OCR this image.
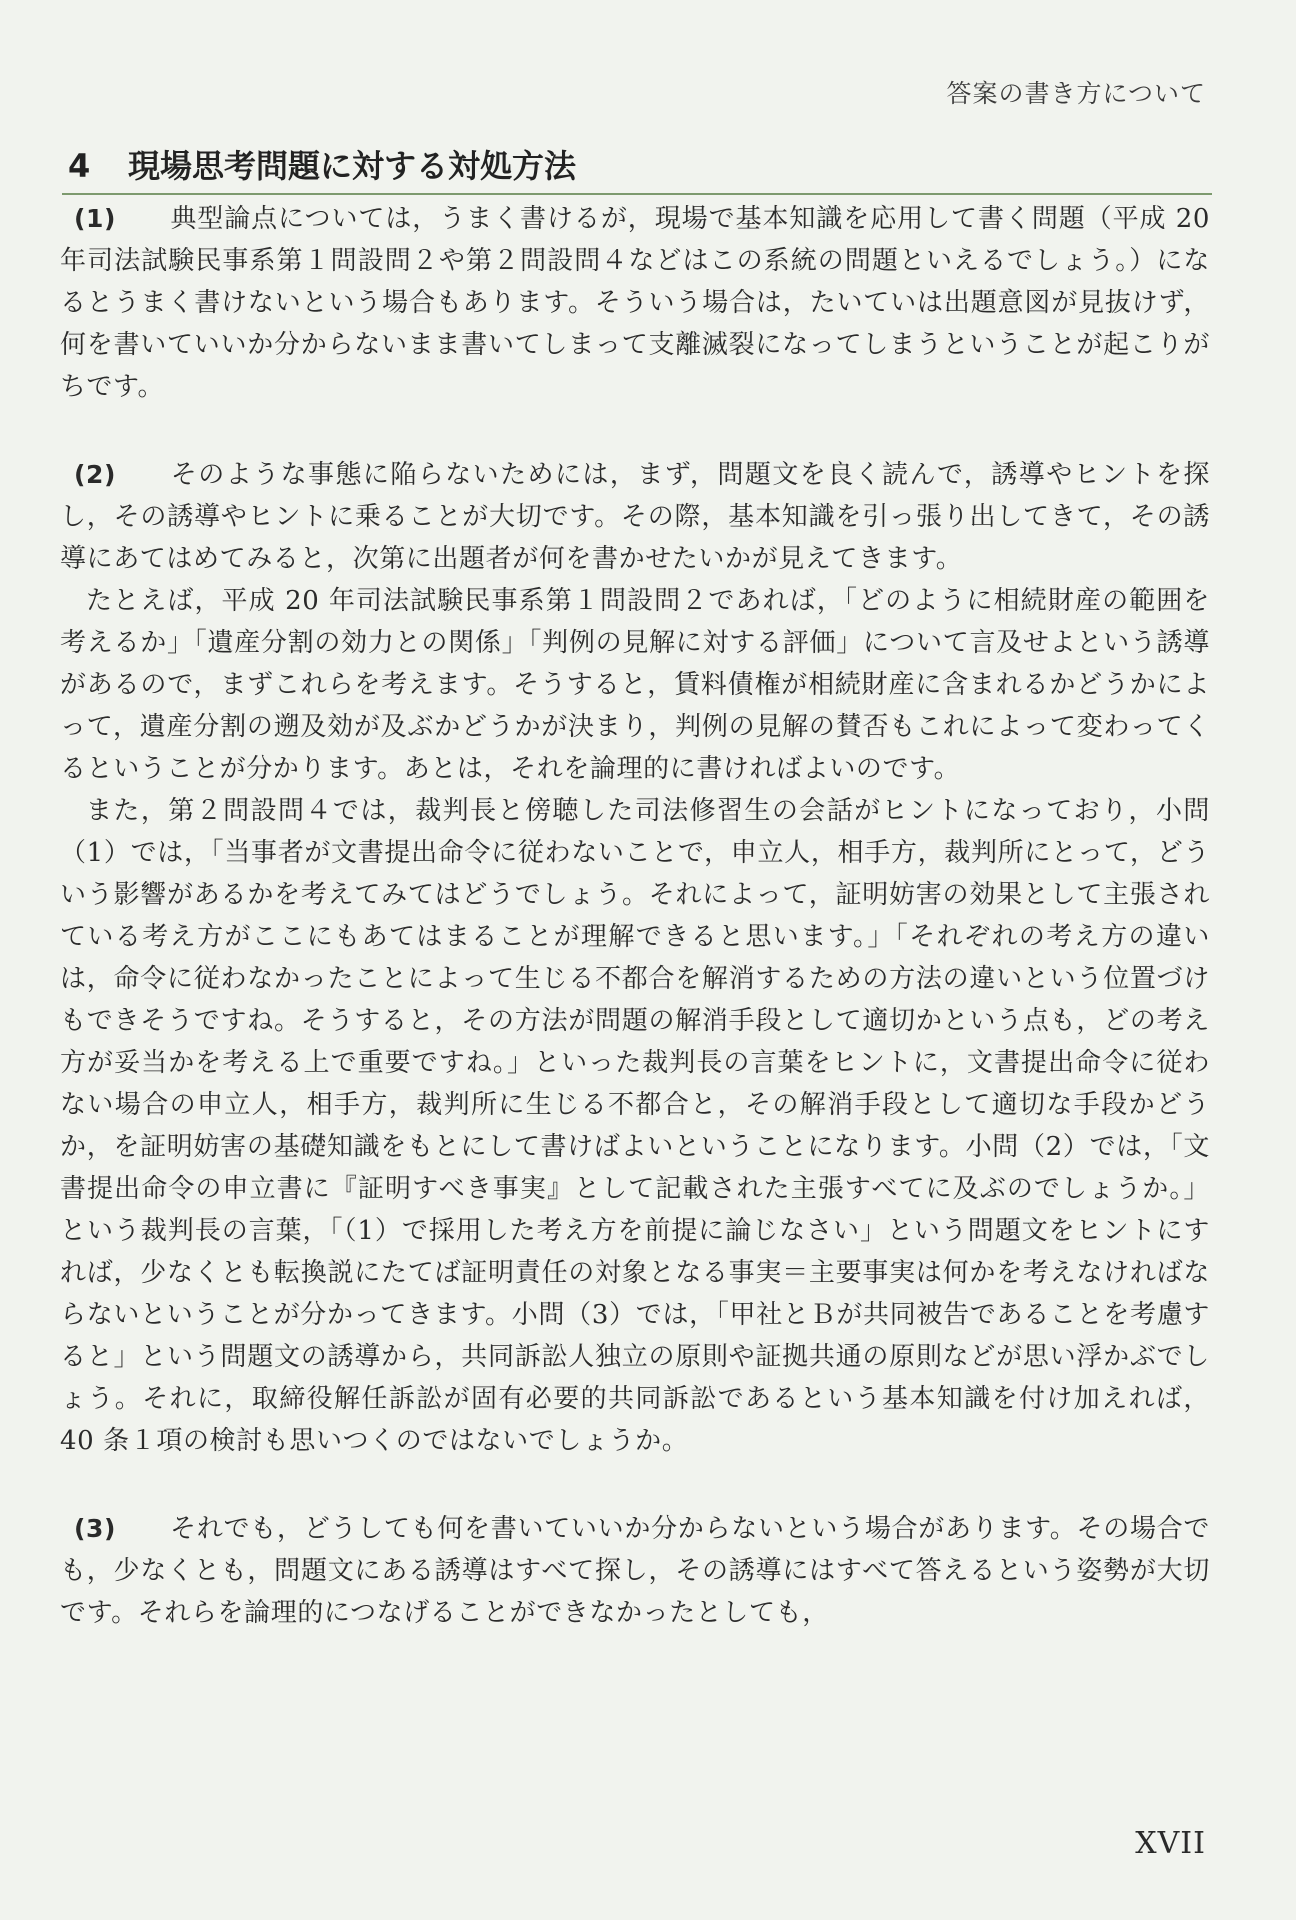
答案の書き方について
4 現場思考問題に対する対処方法

(1) 典型論点については，うまく書けるが，現場で基本知識を応用して書く問題（平成 20 年司法試験民事系第１問設問２や第２問設問４などはこの系統の問題といえるでしょう。）になるとうまく書けないという場合もあります。そういう場合は，たいていは出題意図が見抜けず，何を書いていいか分からないまま書いてしまって支離滅裂になってしまうということが起こりがちです。

(2) そのような事態に陥らないためには，まず，問題文を良く読んで，誘導やヒントを探し，その誘導やヒントに乗ることが大切です。その際，基本知識を引っ張り出してきて，その誘導にあてはめてみると，次第に出題者が何を書かせたいかが見えてきます。

たとえば，平成 20 年司法試験民事系第１問設問２であれば，「どのように相続財産の範囲を考えるか」「遺産分割の効力との関係」「判例の見解に対する評価」について言及せよという誘導があるので，まずこれらを考えます。そうすると，賃料債権が相続財産に含まれるかどうかによって，遺産分割の遡及効が及ぶかどうかが決まり，判例の見解の賛否もこれによって変わってくるということが分かります。あとは，それを論理的に書ければよいのです。

また，第２問設問４では，裁判長と傍聴した司法修習生の会話がヒントになっており，小問（1）では，「当事者が文書提出命令に従わないことで，申立人，相手方，裁判所にとって，どういう影響があるかを考えてみてはどうでしょう。それによって，証明妨害の効果として主張されている考え方がここにもあてはまることが理解できると思います。」「それぞれの考え方の違いは，命令に従わなかったことによって生じる不都合を解消するための方法の違いという位置づけもできそうですね。そうすると，その方法が問題の解消手段として適切かという点も，どの考え方が妥当かを考える上で重要ですね。」といった裁判長の言葉をヒントに，文書提出命令に従わない場合の申立人，相手方，裁判所に生じる不都合と，その解消手段として適切な手段かどうか，を証明妨害の基礎知識をもとにして書けばよいということになります。小問（2）では，「文書提出命令の申立書に『証明すべき事実』として記載された主張すべてに及ぶのでしょうか。」という裁判長の言葉，「（1）で採用した考え方を前提に論じなさい」という問題文をヒントにすれば，少なくとも転換説にたてば証明責任の対象となる事実＝主要事実は何かを考えなければならないということが分かってきます。小問（3）では，「甲社とＢが共同被告であることを考慮すると」という問題文の誘導から，共同訴訟人独立の原則や証拠共通の原則などが思い浮かぶでしょう。それに，取締役解任訴訟が固有必要的共同訴訟であるという基本知識を付け加えれば，40 条１項の検討も思いつくのではないでしょうか。

(3) それでも，どうしても何を書いていいか分からないという場合があります。その場合でも，少なくとも，問題文にある誘導はすべて探し，その誘導にはすべて答えるという姿勢が大切です。それらを論理的につなげることができなかったとしても，

XVII
